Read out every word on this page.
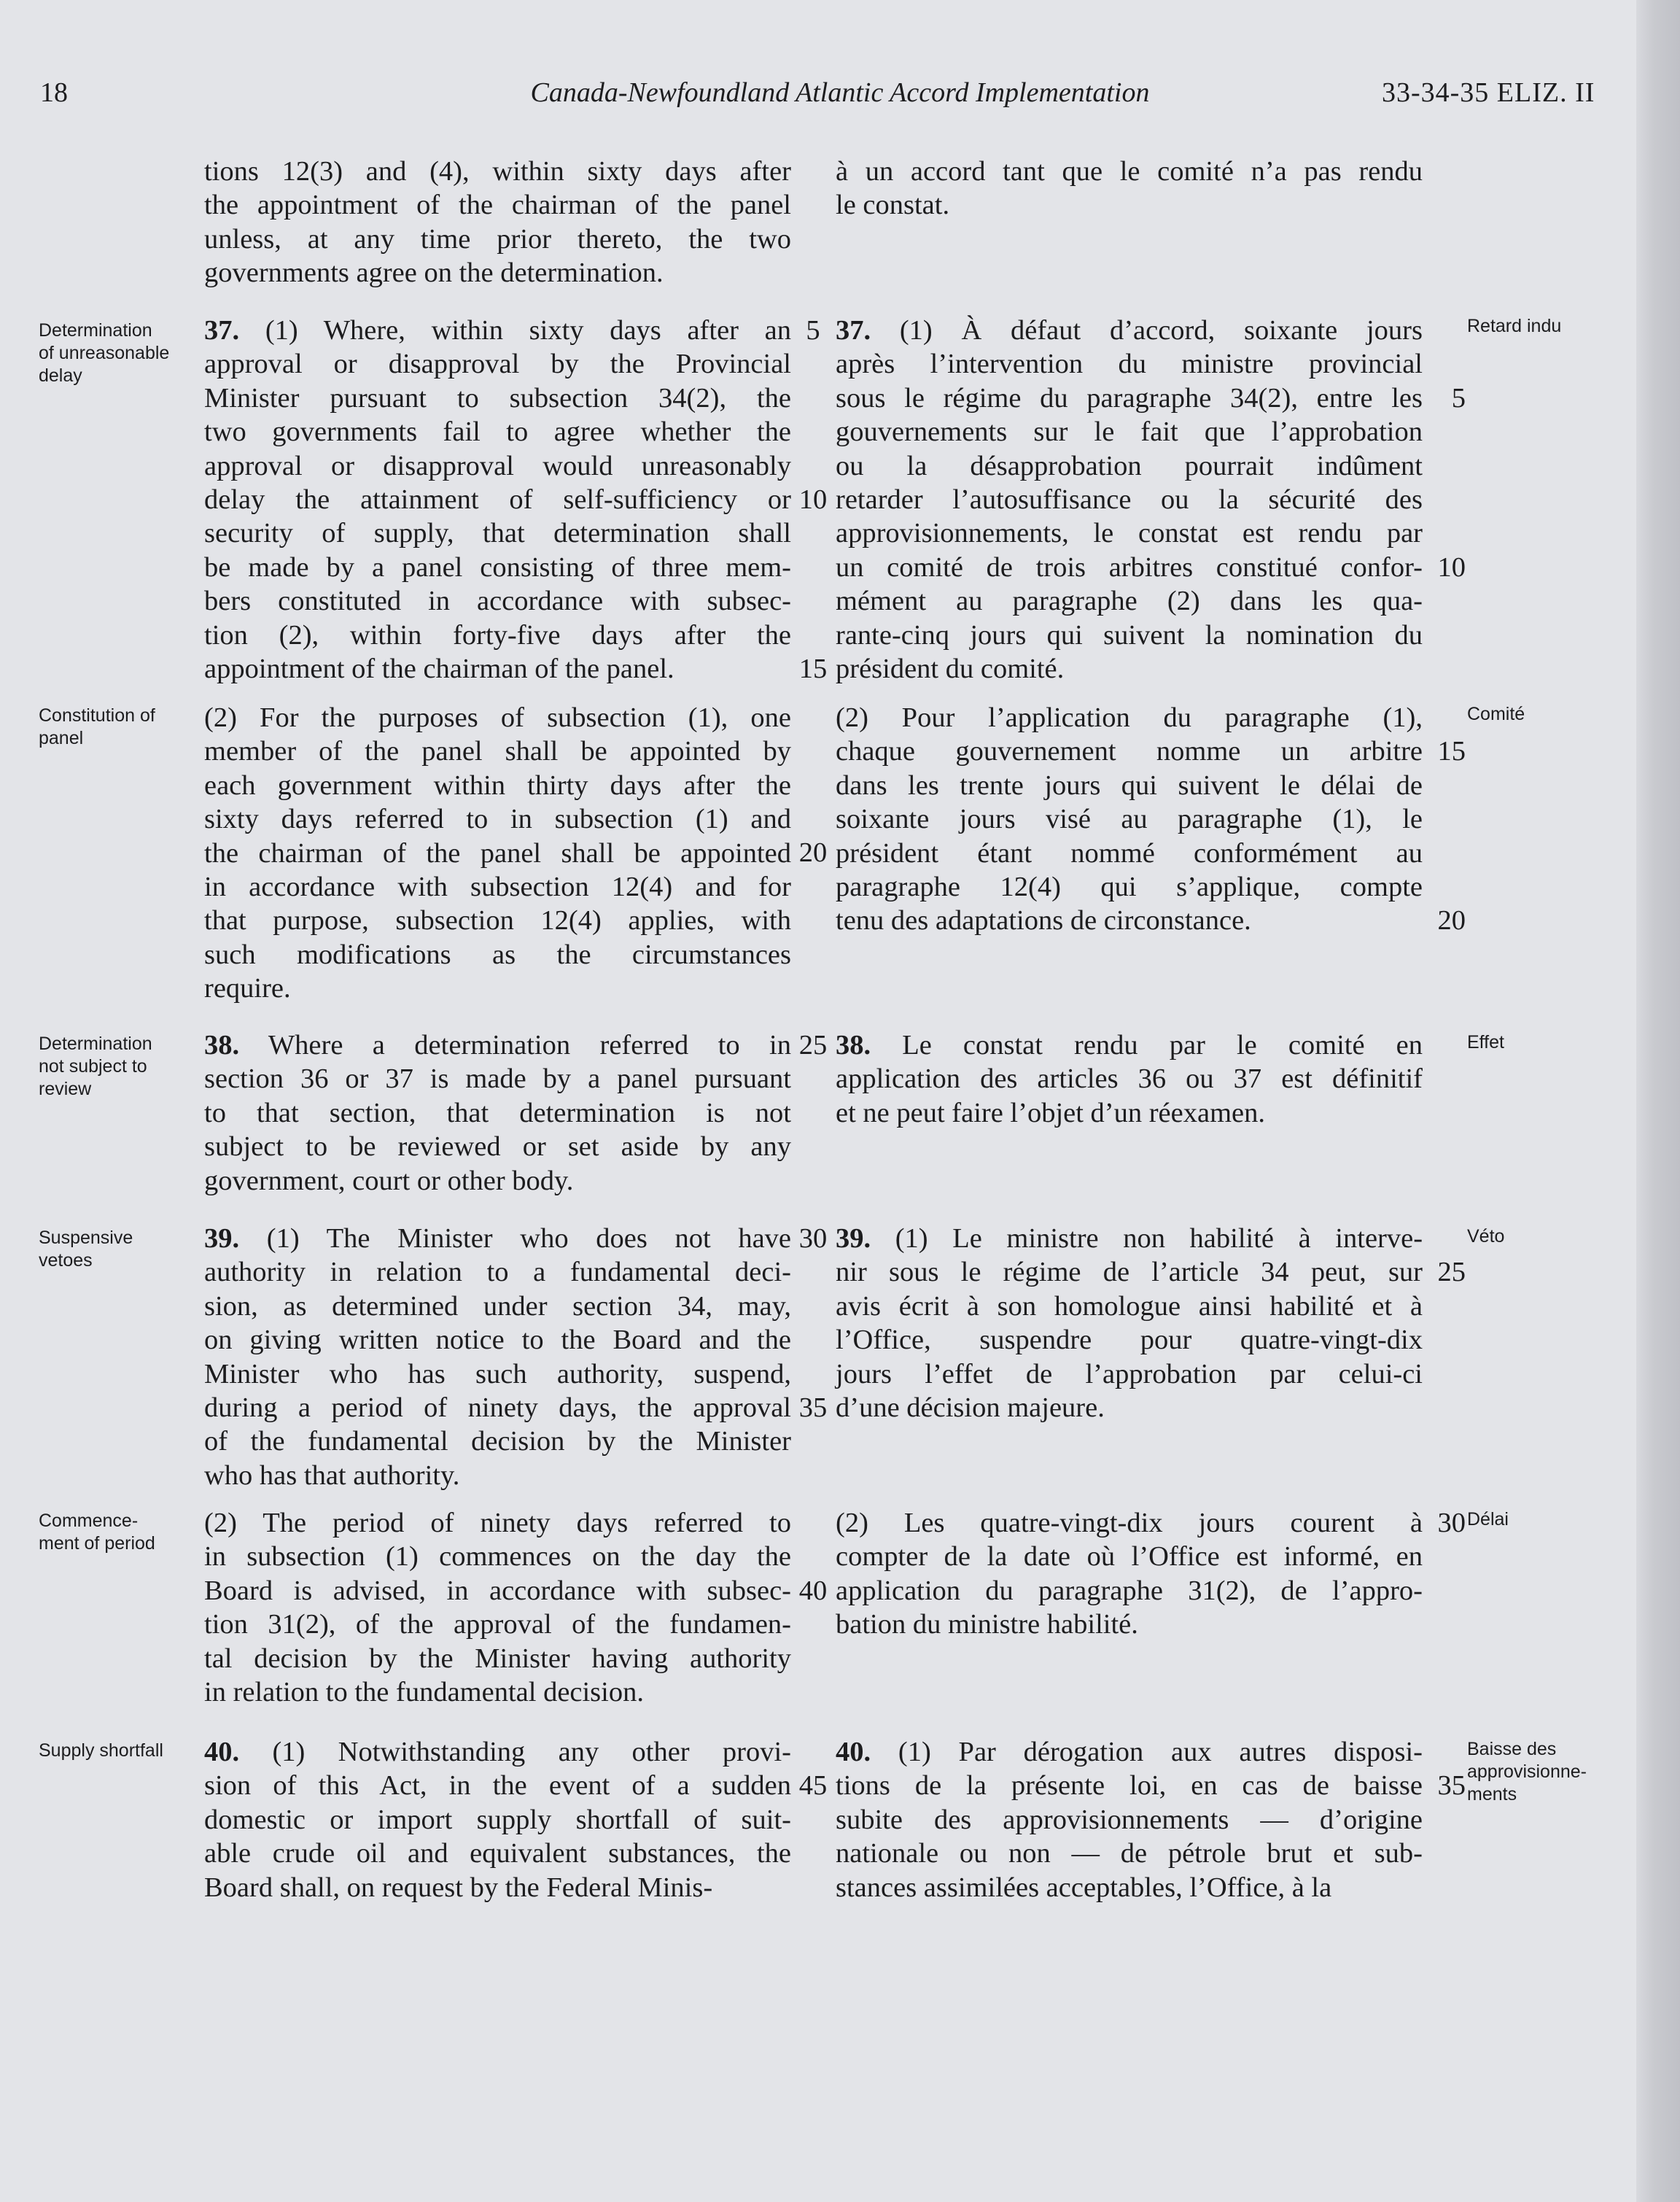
18	Canada-Newfoundland Atlantic Accord Implementation	33-34-35 ELIZ. II
Determination
of unreasonable
delay
Constitution of
panel
Determination
not subject to
review
Suspensive
vetoes
Commence-
ment of period
Supply shortfall
Retard indu
Comité
Effet
Véto
Délai
Baisse des
approvisionne-
ments
tions 12(3) and (4), within sixty days after
the appointment of the chairman of the panel
unless, at any time prior thereto, the two
governments agree on the determination.
37. (1) Where, within sixty days after an
approval or disapproval by the Provincial
Minister pursuant to subsection 34(2), the
two governments fail to agree whether the
approval or disapproval would unreasonably
delay the attainment of self-sufficiency or
security of supply, that determination shall
be made by a panel consisting of three mem-
bers constituted in accordance with subsec-
tion (2), within forty-five days after the
appointment of the chairman of the panel.
(2) For the purposes of subsection (1), one
member of the panel shall be appointed by
each government within thirty days after the
sixty days referred to in subsection (1) and
the chairman of the panel shall be appointed
in accordance with subsection 12(4) and for
that purpose, subsection 12(4) applies, with
such modifications as the circumstances
require.
38. Where a determination referred to in
section 36 or 37 is made by a panel pursuant
to that section, that determination is not
subject to be reviewed or set aside by any
government, court or other body.
39. (1) The Minister who does not have
authority in relation to a fundamental deci-
sion, as determined under section 34, may,
on giving written notice to the Board and the
Minister who has such authority, suspend,
during a period of ninety days, the approval
of the fundamental decision by the Minister
who has that authority.
(2) The period of ninety days referred to
in subsection (1) commences on the day the
Board is advised, in accordance with subsec-
tion 31(2), of the approval of the fundamen-
tal decision by the Minister having authority
in relation to the fundamental decision.
40. (1) Notwithstanding any other provi-
sion of this Act, in the event of a sudden
domestic or import supply shortfall of suit-
able crude oil and equivalent substances, the
Board shall, on request by the Federal Minis-
à un accord tant que le comité n’a pas rendu
le constat.
37. (1) À défaut d’accord, soixante jours
après l’intervention du ministre provincial
sous le régime du paragraphe 34(2), entre les
gouvernements sur le fait que l’approbation
ou la désapprobation pourrait indûment
retarder l’autosuffisance ou la sécurité des
approvisionnements, le constat est rendu par
un comité de trois arbitres constitué confor-
mément au paragraphe (2) dans les qua-
rante-cinq jours qui suivent la nomination du
président du comité.
(2) Pour l’application du paragraphe (1),
chaque gouvernement nomme un arbitre
dans les trente jours qui suivent le délai de
soixante jours visé au paragraphe (1), le
président étant nommé conformément au
paragraphe 12(4) qui s’applique, compte
tenu des adaptations de circonstance.
38. Le constat rendu par le comité en
application des articles 36 ou 37 est définitif
et ne peut faire l’objet d’un réexamen.
39. (1) Le ministre non habilité à interve-
nir sous le régime de l’article 34 peut, sur
avis écrit à son homologue ainsi habilité et à
l’Office, suspendre pour quatre-vingt-dix
jours l’effet de l’approbation par celui-ci
d’une décision majeure.
(2) Les quatre-vingt-dix jours courent à
compter de la date où l’Office est informé, en
application du paragraphe 31(2), de l’appro-
bation du ministre habilité.
40. (1) Par dérogation aux autres disposi-
tions de la présente loi, en cas de baisse
subite des approvisionnements — d’origine
nationale ou non — de pétrole brut et sub-
stances assimilées acceptables, l’Office, à la
5
10
15
20
25
30
35
40
45
5
10
15
20
25
30
35
